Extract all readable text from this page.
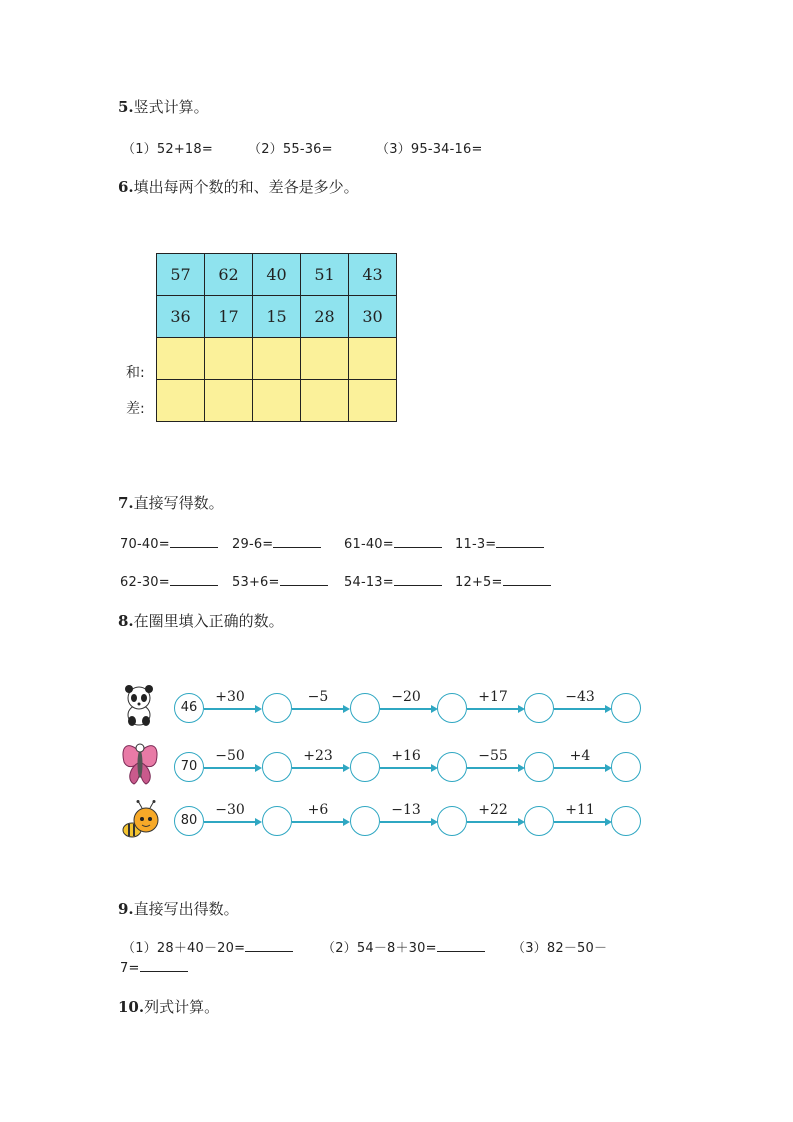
5.竖式计算。
（1）52+18=	（2）55-36=	（3）95-34-16=
6.填出每两个数的和、差各是多少。
57	62	40	51	43
36	17	15	28	30

和:
差:
7.直接写得数。
70-40=	29-6=	61-40=	11-3=
62-30=	53+6=	54-13=	12+5=
8.在圈里填入正确的数。
46
+30	−5	−20	+17	−43
70
−50	+23	+16	−55	+4
80
−30	+6	−13	+22	+11
9.直接写出得数。
（1）28＋40－20=	（2）54－8＋30=	（3）82－50－
7=
10.列式计算。
